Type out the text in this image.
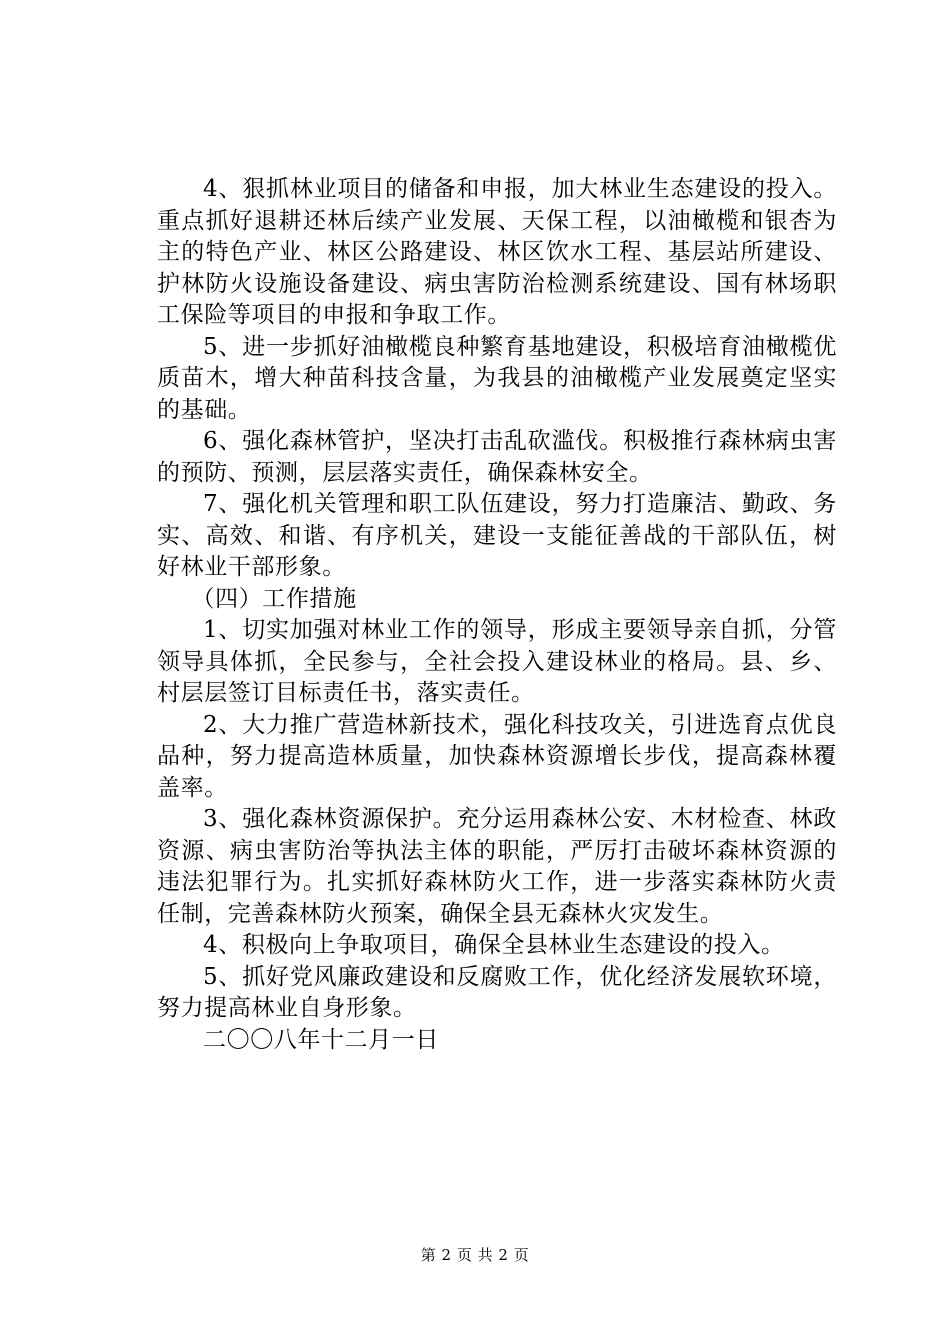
4、狠抓林业项目的储备和申报，加大林业生态建设的投入。重点抓好退耕还林后续产业发展、天保工程，以油橄榄和银杏为主的特色产业、林区公路建设、林区饮水工程、基层站所建设、护林防火设施设备建设、病虫害防治检测系统建设、国有林场职工保险等项目的申报和争取工作。

5、进一步抓好油橄榄良种繁育基地建设，积极培育油橄榄优质苗木，增大种苗科技含量，为我县的油橄榄产业发展奠定坚实的基础。

6、强化森林管护，坚决打击乱砍滥伐。积极推行森林病虫害的预防、预测，层层落实责任，确保森林安全。

7、强化机关管理和职工队伍建设，努力打造廉洁、勤政、务实、高效、和谐、有序机关，建设一支能征善战的干部队伍，树好林业干部形象。

（四）工作措施

1、切实加强对林业工作的领导，形成主要领导亲自抓，分管领导具体抓，全民参与，全社会投入建设林业的格局。县、乡、村层层签订目标责任书，落实责任。

2、大力推广营造林新技术，强化科技攻关，引进选育点优良品种，努力提高造林质量，加快森林资源增长步伐，提高森林覆盖率。

3、强化森林资源保护。充分运用森林公安、木材检查、林政资源、病虫害防治等执法主体的职能，严厉打击破坏森林资源的违法犯罪行为。扎实抓好森林防火工作，进一步落实森林防火责任制，完善森林防火预案，确保全县无森林火灾发生。

4、积极向上争取项目，确保全县林业生态建设的投入。

5、抓好党风廉政建设和反腐败工作，优化经济发展软环境，努力提高林业自身形象。

二〇〇八年十二月一日

第 2 页 共 2 页
